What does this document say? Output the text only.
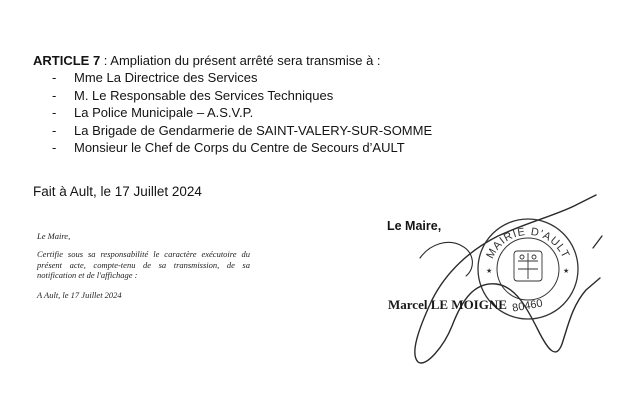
ARTICLE 7 : Ampliation du présent arrêté sera transmise à :
- Mme La Directrice des Services
- M. Le Responsable des Services Techniques
- La Police Municipale – A.S.V.P.
- La Brigade de Gendarmerie de SAINT-VALERY-SUR-SOMME
- Monsieur le Chef de Corps du Centre de Secours d’AULT
Fait à Ault, le 17 Juillet 2024

Le Maire,

Certifie sous sa responsabilité le caractère exécutoire du présent acte, compte-tenu de sa transmission, de sa notification et de l'affichage :

A Ault, le 17 Juillet 2024

Le Maire,
MAIRIE D'AULT
★	★
80460
Marcel LE MOIGNE
